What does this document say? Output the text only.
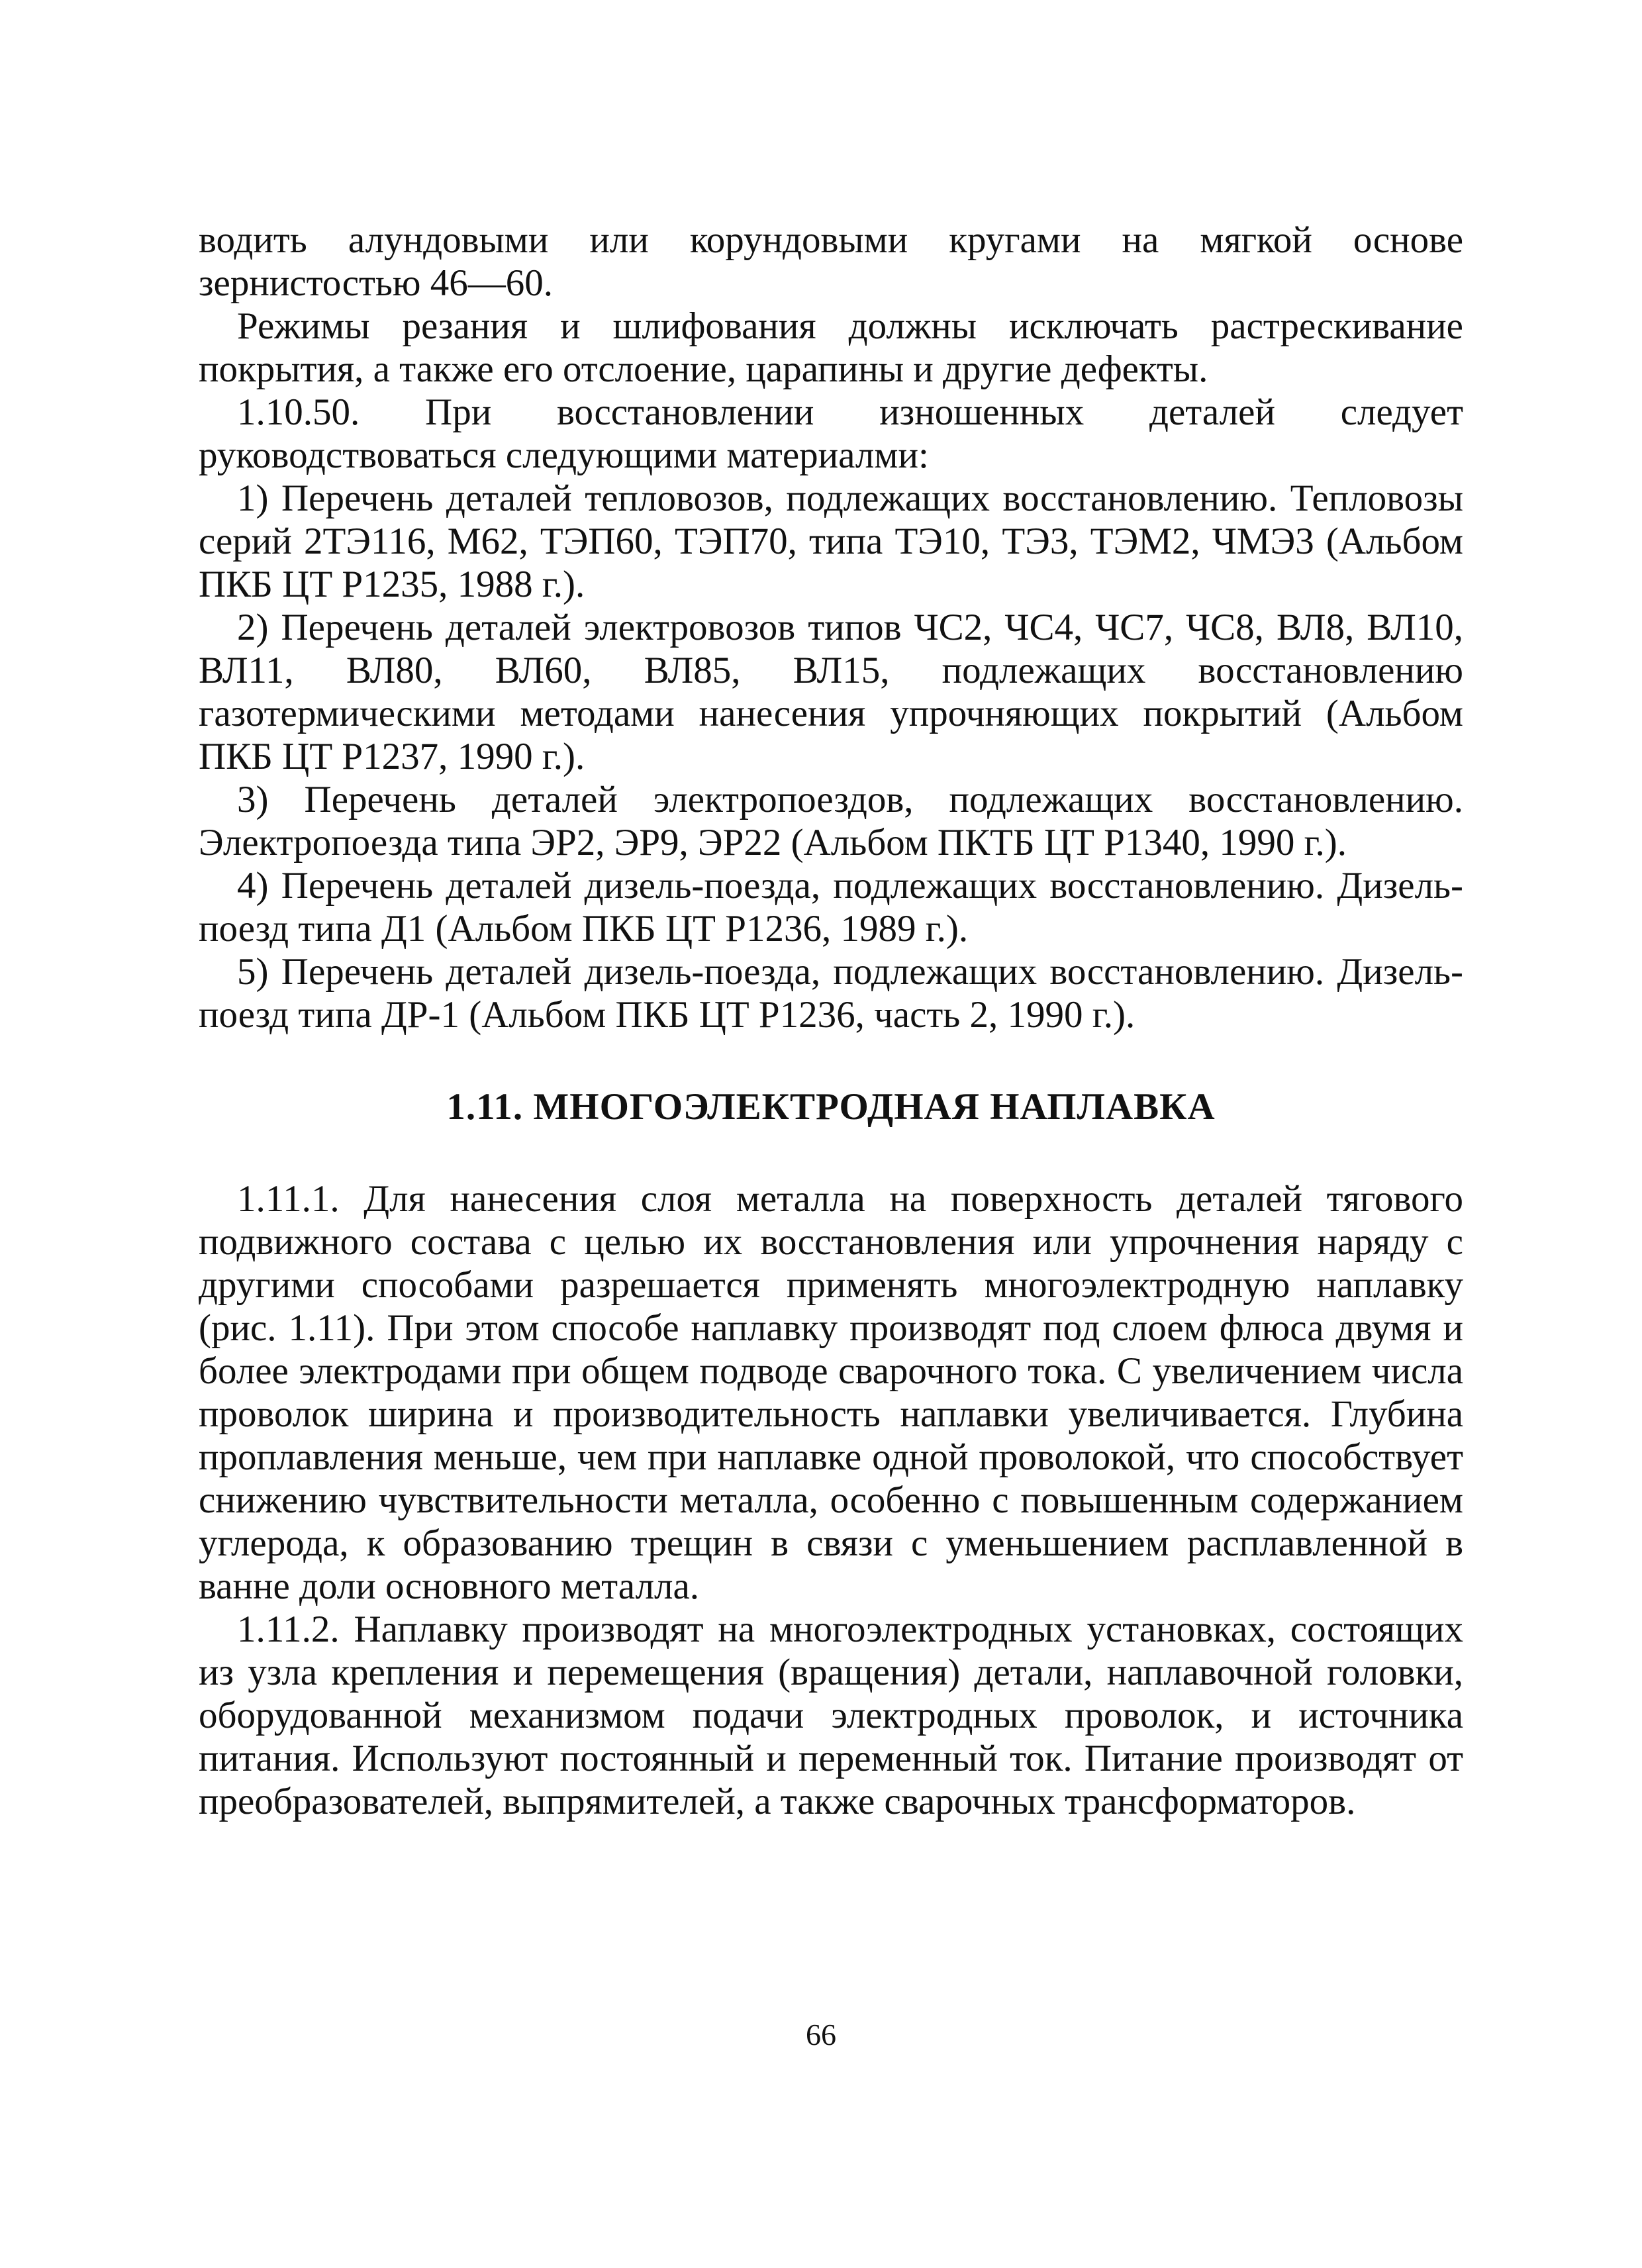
водить алундовыми или корундовыми кругами на мягкой основе зернистостью 46—60.

Режимы резания и шлифования должны исключать растрескивание покрытия, а также его отслоение, царапины и другие дефекты.

1.10.50. При восстановлении изношенных деталей следует руководствоваться следующими материалми:

1) Перечень деталей тепловозов, подлежащих восстановлению. Тепловозы серий 2ТЭ116, М62, ТЭП60, ТЭП70, типа ТЭ10, ТЭ3, ТЭМ2, ЧМЭ3 (Альбом ПКБ ЦТ Р1235, 1988 г.).

2) Перечень деталей электровозов типов ЧС2, ЧС4, ЧС7, ЧС8, ВЛ8, ВЛ10, ВЛ11, ВЛ80, ВЛ60, ВЛ85, ВЛ15, подлежащих восстановлению газотермическими методами нанесения упрочняющих покрытий (Альбом ПКБ ЦТ Р1237, 1990 г.).

3) Перечень деталей электропоездов, подлежащих восстановлению. Электропоезда типа ЭР2, ЭР9, ЭР22 (Альбом ПКТБ ЦТ Р1340, 1990 г.).

4) Перечень деталей дизель-поезда, подлежащих восстановлению. Дизель-поезд типа Д1 (Альбом ПКБ ЦТ Р1236, 1989 г.).

5) Перечень деталей дизель-поезда, подлежащих восстановлению. Дизель-поезд типа ДР-1 (Альбом ПКБ ЦТ Р1236, часть 2, 1990 г.).

1.11. МНОГОЭЛЕКТРОДНАЯ НАПЛАВКА

1.11.1. Для нанесения слоя металла на поверхность деталей тягового подвижного состава с целью их восстановления или упрочнения наряду с другими способами разрешается применять многоэлектродную наплавку (рис. 1.11). При этом способе наплавку производят под слоем флюса двумя и более электродами при общем подводе сварочного тока. С увеличением числа проволок ширина и производительность наплавки увеличивается. Глубина проплавления меньше, чем при наплавке одной проволокой, что способствует снижению чувствительности металла, особенно с повышенным содержанием углерода, к образованию трещин в связи с уменьшением расплавленной в ванне доли основного металла.

1.11.2. Наплавку производят на многоэлектродных установках, состоящих из узла крепления и перемещения (вращения) детали, наплавочной головки, оборудованной механизмом подачи электродных проволок, и источника питания. Используют постоянный и переменный ток. Питание производят от преобразователей, выпрямителей, а также сварочных трансформаторов.

66
